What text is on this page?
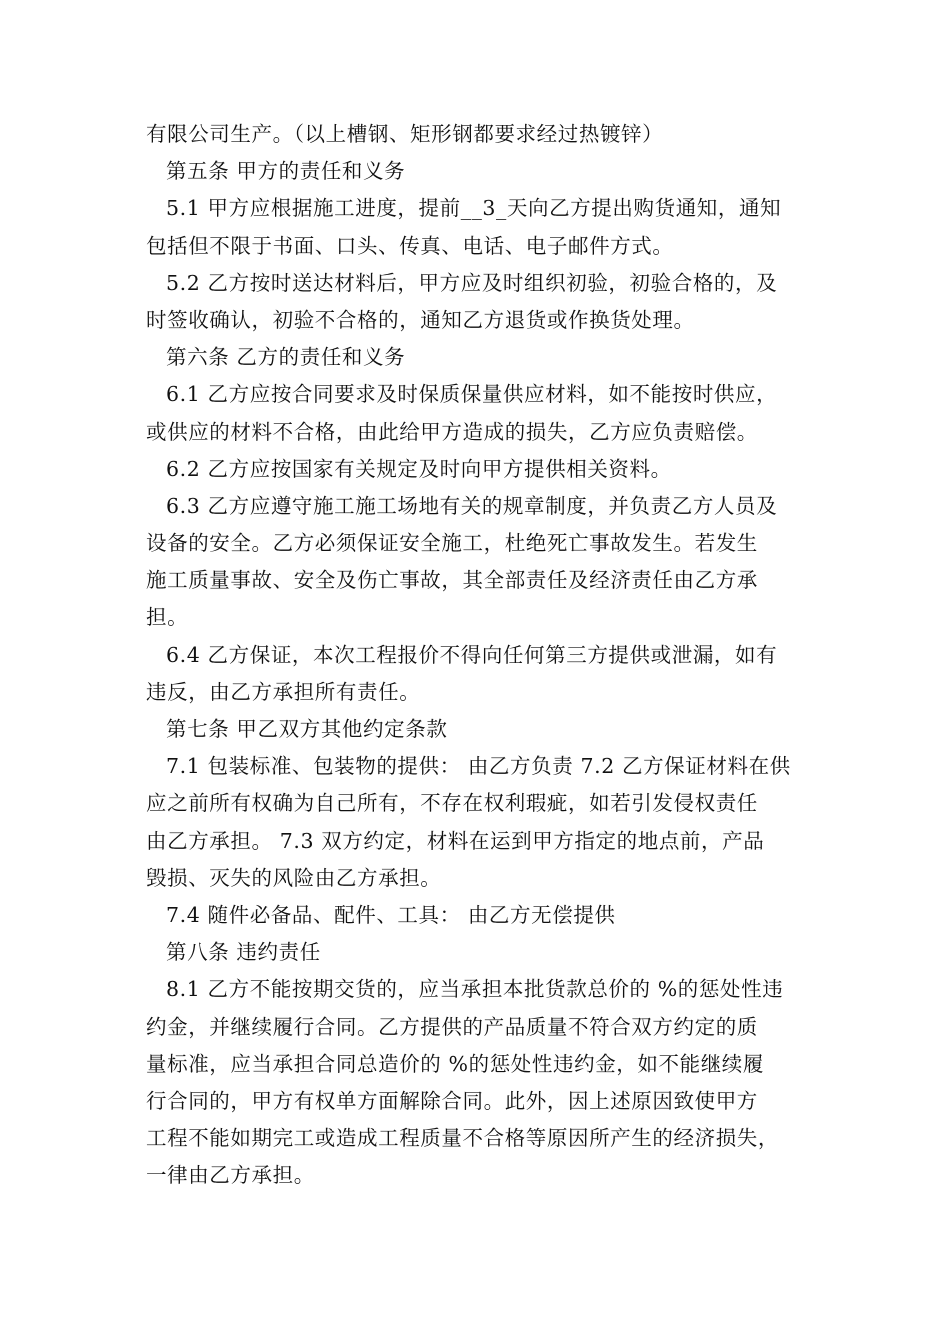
有限公司生产。（以上槽钢、矩形钢都要求经过热镀锌）
第五条 甲方的责任和义务
5.1 甲方应根据施工进度，提前__3_天向乙方提出购货通知，通知
包括但不限于书面、口头、传真、电话、电子邮件方式。
5.2 乙方按时送达材料后，甲方应及时组织初验，初验合格的，及
时签收确认，初验不合格的，通知乙方退货或作换货处理。
第六条 乙方的责任和义务
6.1 乙方应按合同要求及时保质保量供应材料，如不能按时供应，
或供应的材料不合格，由此给甲方造成的损失，乙方应负责赔偿。
6.2 乙方应按国家有关规定及时向甲方提供相关资料。
6.3 乙方应遵守施工施工场地有关的规章制度，并负责乙方人员及
设备的安全。乙方必须保证安全施工，杜绝死亡事故发生。若发生
施工质量事故、安全及伤亡事故，其全部责任及经济责任由乙方承
担。
6.4 乙方保证，本次工程报价不得向任何第三方提供或泄漏，如有
违反，由乙方承担所有责任。
第七条 甲乙双方其他约定条款
7.1 包装标准、包装物的提供： 由乙方负责 7.2 乙方保证材料在供
应之前所有权确为自己所有，不存在权利瑕疵，如若引发侵权责任
由乙方承担。 7.3 双方约定，材料在运到甲方指定的地点前，产品
毁损、灭失的风险由乙方承担。
7.4 随件必备品、配件、工具： 由乙方无偿提供
第八条 违约责任
8.1 乙方不能按期交货的，应当承担本批货款总价的 %的惩处性违
约金，并继续履行合同。乙方提供的产品质量不符合双方约定的质
量标准，应当承担合同总造价的 %的惩处性违约金，如不能继续履
行合同的，甲方有权单方面解除合同。此外，因上述原因致使甲方
工程不能如期完工或造成工程质量不合格等原因所产生的经济损失，
一律由乙方承担。
